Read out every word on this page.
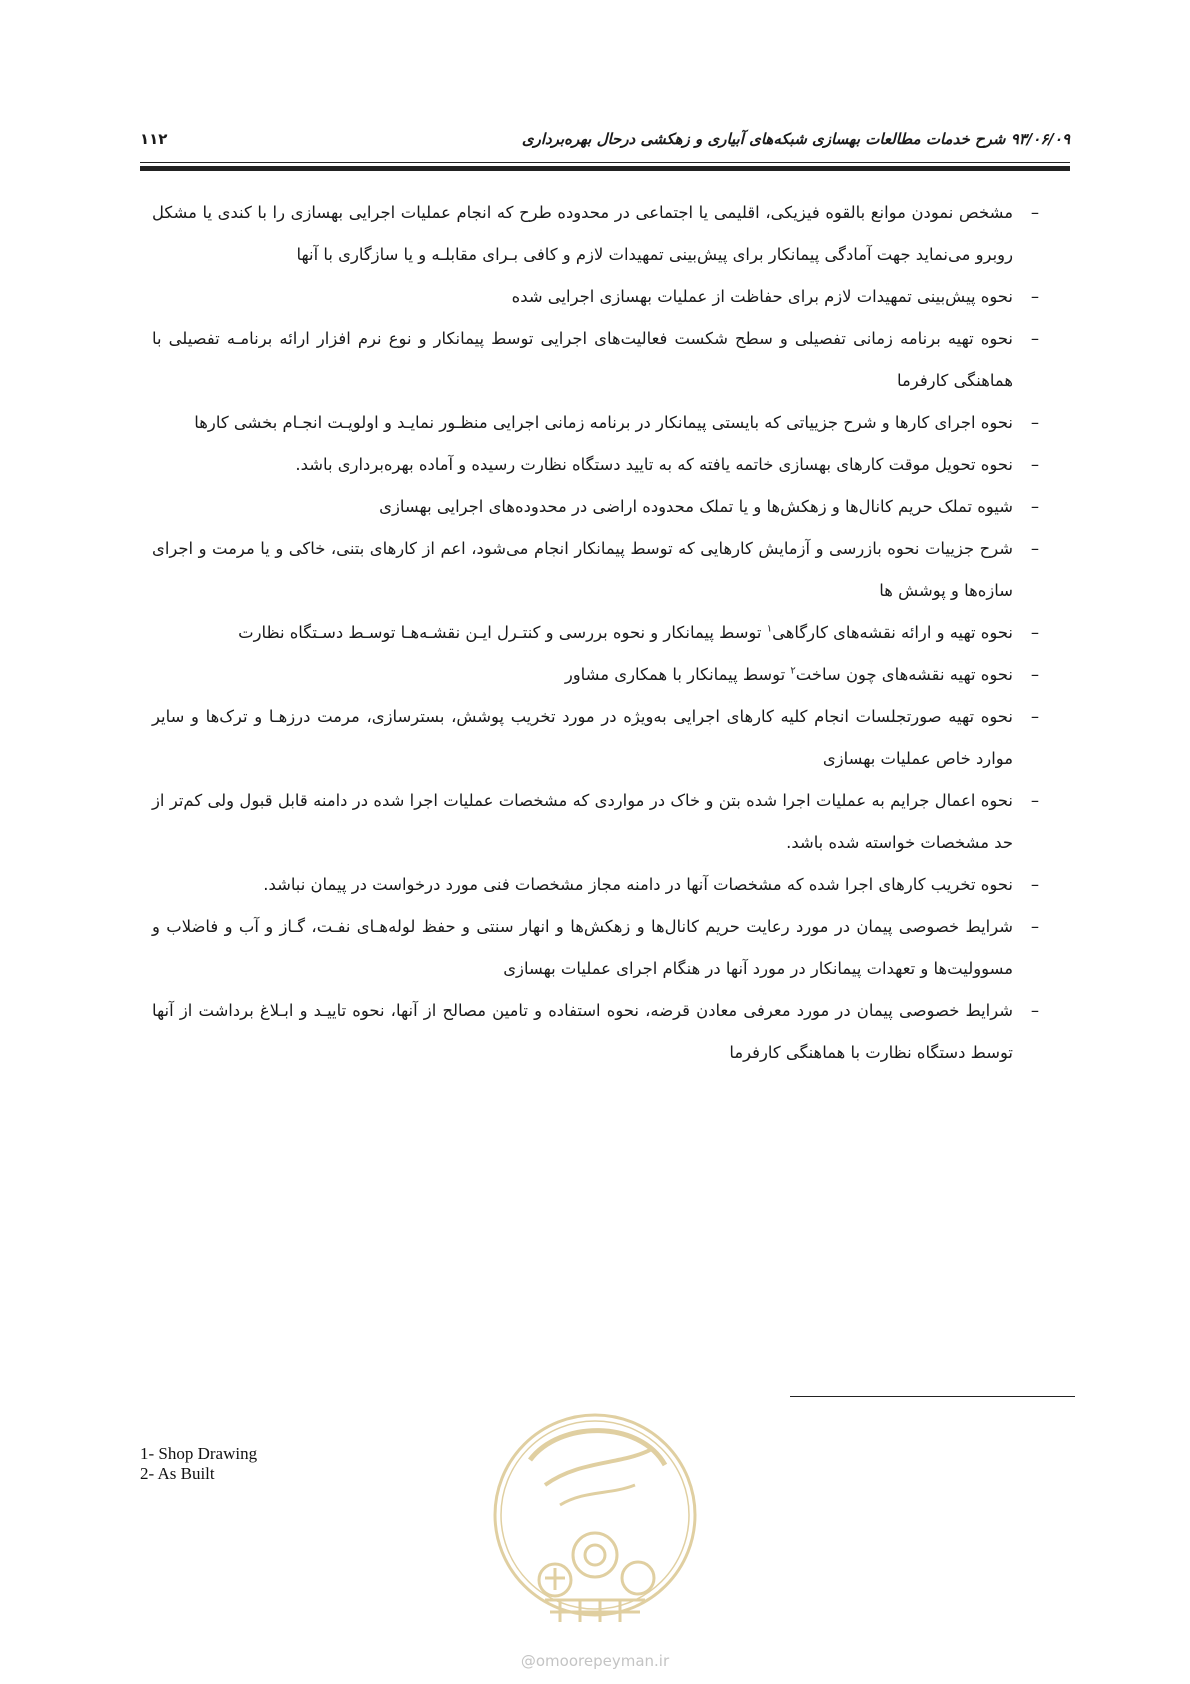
۹۳/۰۶/۰۹ شرح خدمات مطالعات بهسازی شبکه‌های آبیاری و زهکشی درحال بهره‌برداری
۱۱۲
–
مشخص نمودن موانع بالقوه فیزیکی، اقلیمی یا اجتماعی در محدوده طرح که انجام عملیات اجرایی بهسازی را با کندی یا مشکل روبرو می‌نماید جهت آمادگی پیمانکار برای پیش‌بینی تمهیدات لازم و کافی بـرای مقابلـه و یا سازگاری با آنها
–
نحوه پیش‌بینی تمهیدات لازم برای حفاظت از عملیات بهسازی اجرایی شده
–
نحوه تهیه برنامه زمانی تفصیلی و سطح شکست فعالیت‌های اجرایی توسط پیمانکار و نوع نرم افزار ارائه برنامـه تفصیلی با هماهنگی کارفرما
–
نحوه اجرای کارها و شرح جزییاتی که بایستی پیمانکار در برنامه زمانی اجرایی منظـور نمایـد و اولویـت انجـام بخشی کارها
–
نحوه تحویل موقت کارهای بهسازی خاتمه یافته که به تایید دستگاه نظارت رسیده و آماده بهره‌برداری باشد.
–
شیوه تملک حریم کانال‌ها و زهکش‌ها و یا تملک محدوده اراضی در محدوده‌های اجرایی بهسازی
–
شرح جزییات نحوه بازرسی و آزمایش کارهایی که توسط پیمانکار انجام می‌شود، اعم از کارهای بتنی، خاکی و یا مرمت و اجرای سازه‌ها و پوشش ها
–
نحوه تهیه و ارائه نقشه‌های کارگاهی$^۱$ توسط پیمانکار و نحوه بررسی و کنتـرل ایـن نقشـه‌هـا توسـط دسـتگاه نظارت
–
نحوه تهیه نقشه‌های چون ساخت$^۲$ توسط پیمانکار با همکاری مشاور
–
نحوه تهیه صورتجلسات انجام کلیه کارهای اجرایی به‌ویژه در مورد تخریب پوشش، بسترسازی، مرمت درزهـا و ترک‌ها و سایر موارد خاص عملیات بهسازی
–
نحوه اعمال جرایم به عملیات اجرا شده بتن و خاک در مواردی که مشخصات عملیات اجرا شده در دامنه قابل قبول ولی کم‌تر از حد مشخصات خواسته شده باشد.
–
نحوه تخریب کارهای اجرا شده که مشخصات آنها در دامنه مجاز مشخصات فنی مورد درخواست در پیمان نباشد.
–
شرایط خصوصی پیمان در مورد رعایت حریم کانال‌ها و زهکش‌ها و انهار سنتی و حفظ لوله‌هـای نفـت، گـاز و آب و فاضلاب و مسوولیت‌ها و تعهدات پیمانکار در مورد آنها در هنگام اجرای عملیات بهسازی
–
شرایط خصوصی پیمان در مورد معرفی معادن قرضه، نحوه استفاده و تامین مصالح از آنها، نحوه تاییـد و ابـلاغ برداشت از آنها توسط دستگاه نظارت با هماهنگی کارفرما
1- Shop Drawing
2- As Built
@omoorepeyman.ir
